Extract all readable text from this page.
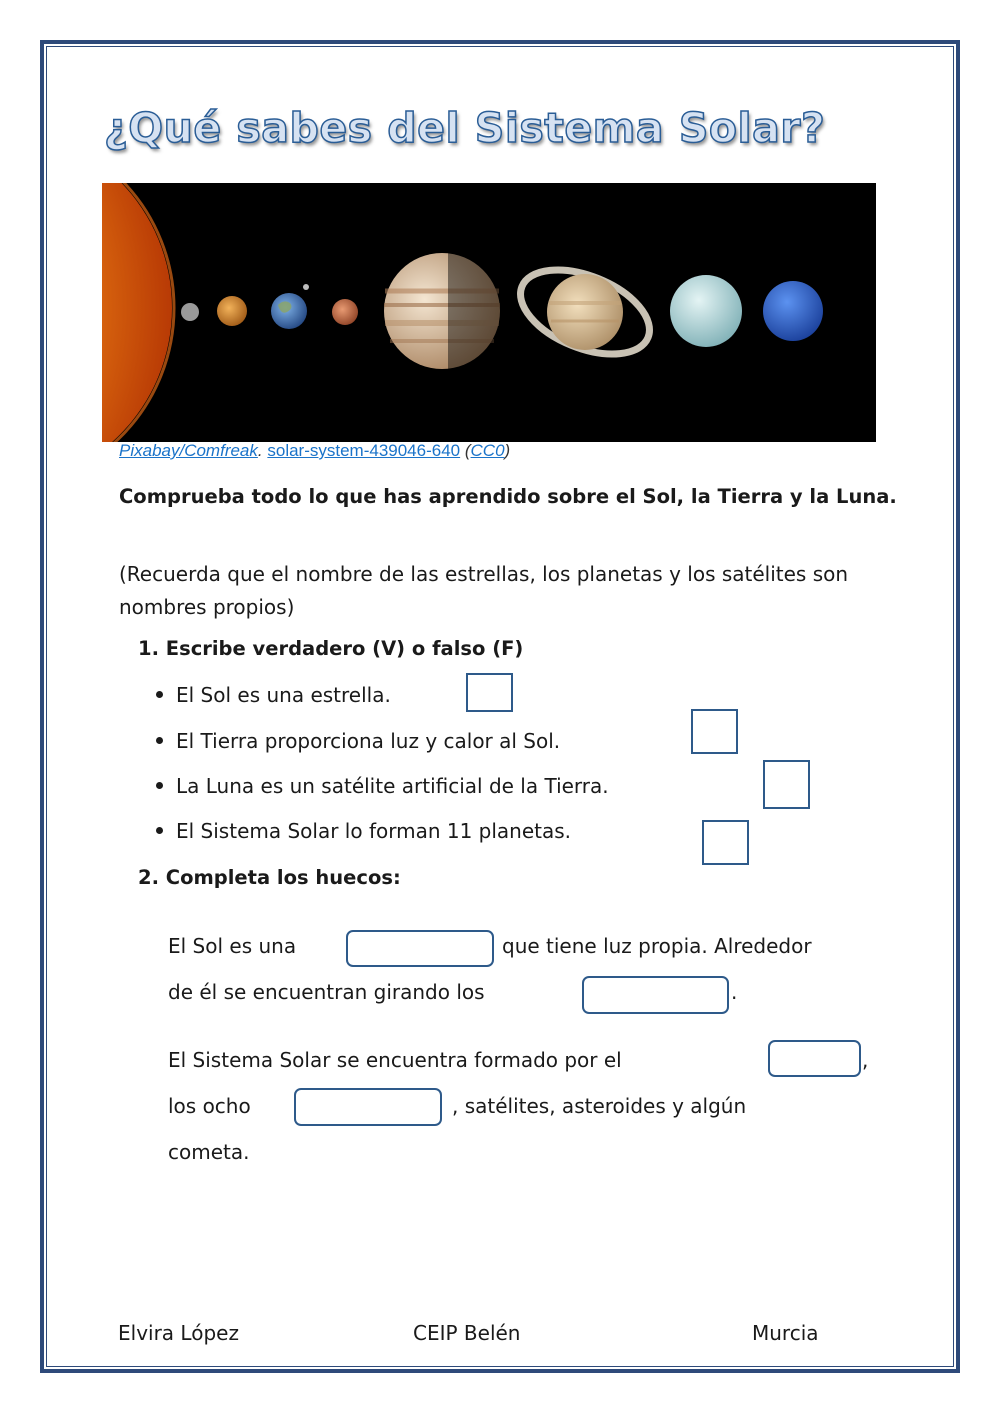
¿Qué sabes del Sistema Solar?
Pixabay/Comfreak. solar-system-439046-640 (CC0)

Comprueba todo lo que has aprendido sobre el Sol, la Tierra y la Luna.

(Recuerda que el nombre de las estrellas, los planetas y los satélites son nombres propios)

1. Escribe verdadero (V) o falso (F)

El Sol es una estrella.
El Tierra proporciona luz y calor al Sol.
La Luna es un satélite artificial de la Tierra.
El Sistema Solar lo forman 11 planetas.

2. Completa los huecos:

El Sol es una	que tiene luz propia. Alrededor
de él se encuentran girando los	.
El Sistema Solar se encuentra formado por el	,
los ocho	, satélites, asteroides y algún
cometa.
Elvira López	CEIP Belén	Murcia
